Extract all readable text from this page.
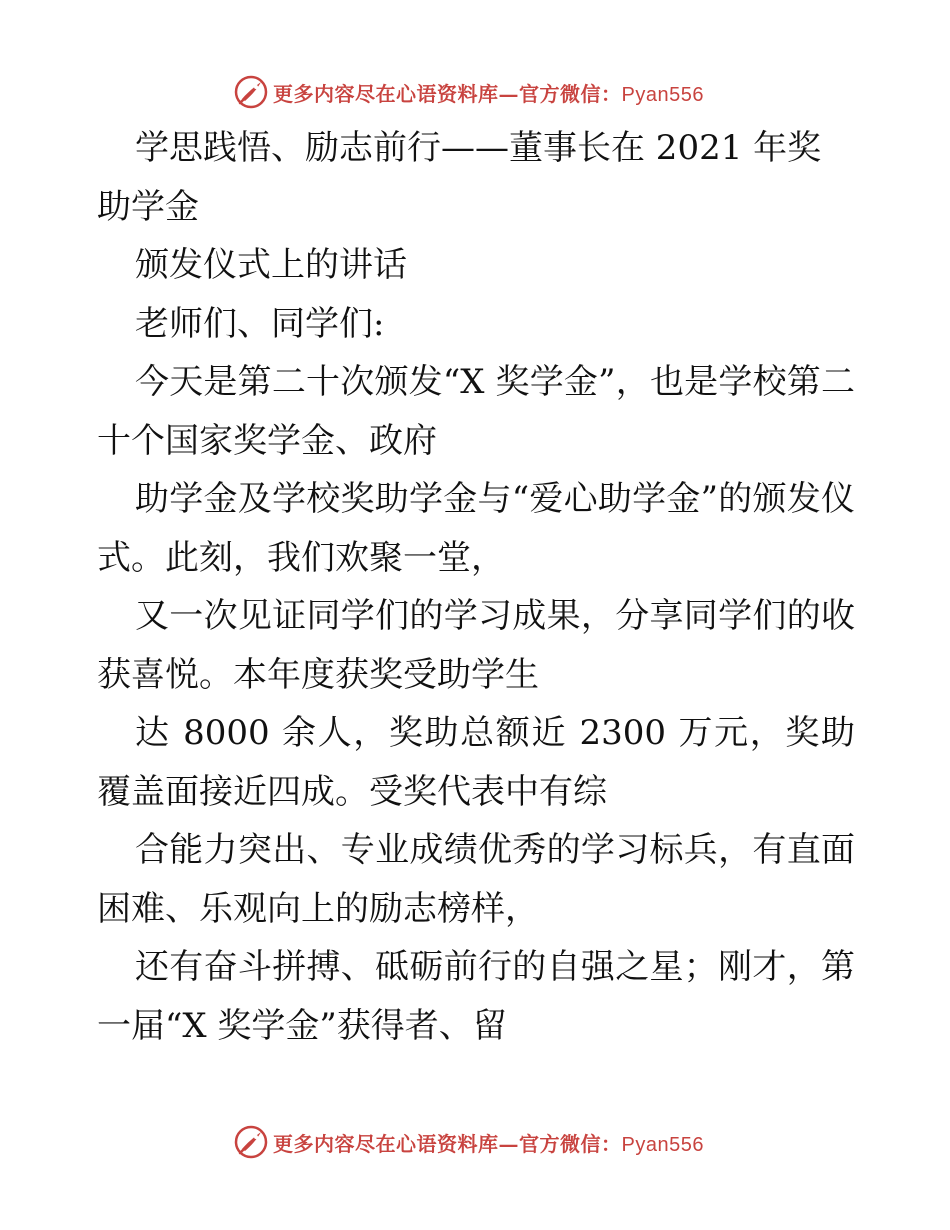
更多内容尽在心语资料库—官方微信：Pyan556

学思践悟、励志前行——董事长在 2021 年奖助学金

颁发仪式上的讲话

老师们、同学们:

今天是第二十次颁发“X 奖学金”，也是学校第二十个国家奖学金、政府

助学金及学校奖助学金与“爱心助学金”的颁发仪式。此刻，我们欢聚一堂，

又一次见证同学们的学习成果，分享同学们的收获喜悦。本年度获奖受助学生

达 8000 余人，奖助总额近 2300 万元，奖助覆盖面接近四成。受奖代表中有综

合能力突出、专业成绩优秀的学习标兵，有直面困难、乐观向上的励志榜样，

还有奋斗拼搏、砥砺前行的自强之星；刚才，第一届“X 奖学金”获得者、留

更多内容尽在心语资料库—官方微信：Pyan556
